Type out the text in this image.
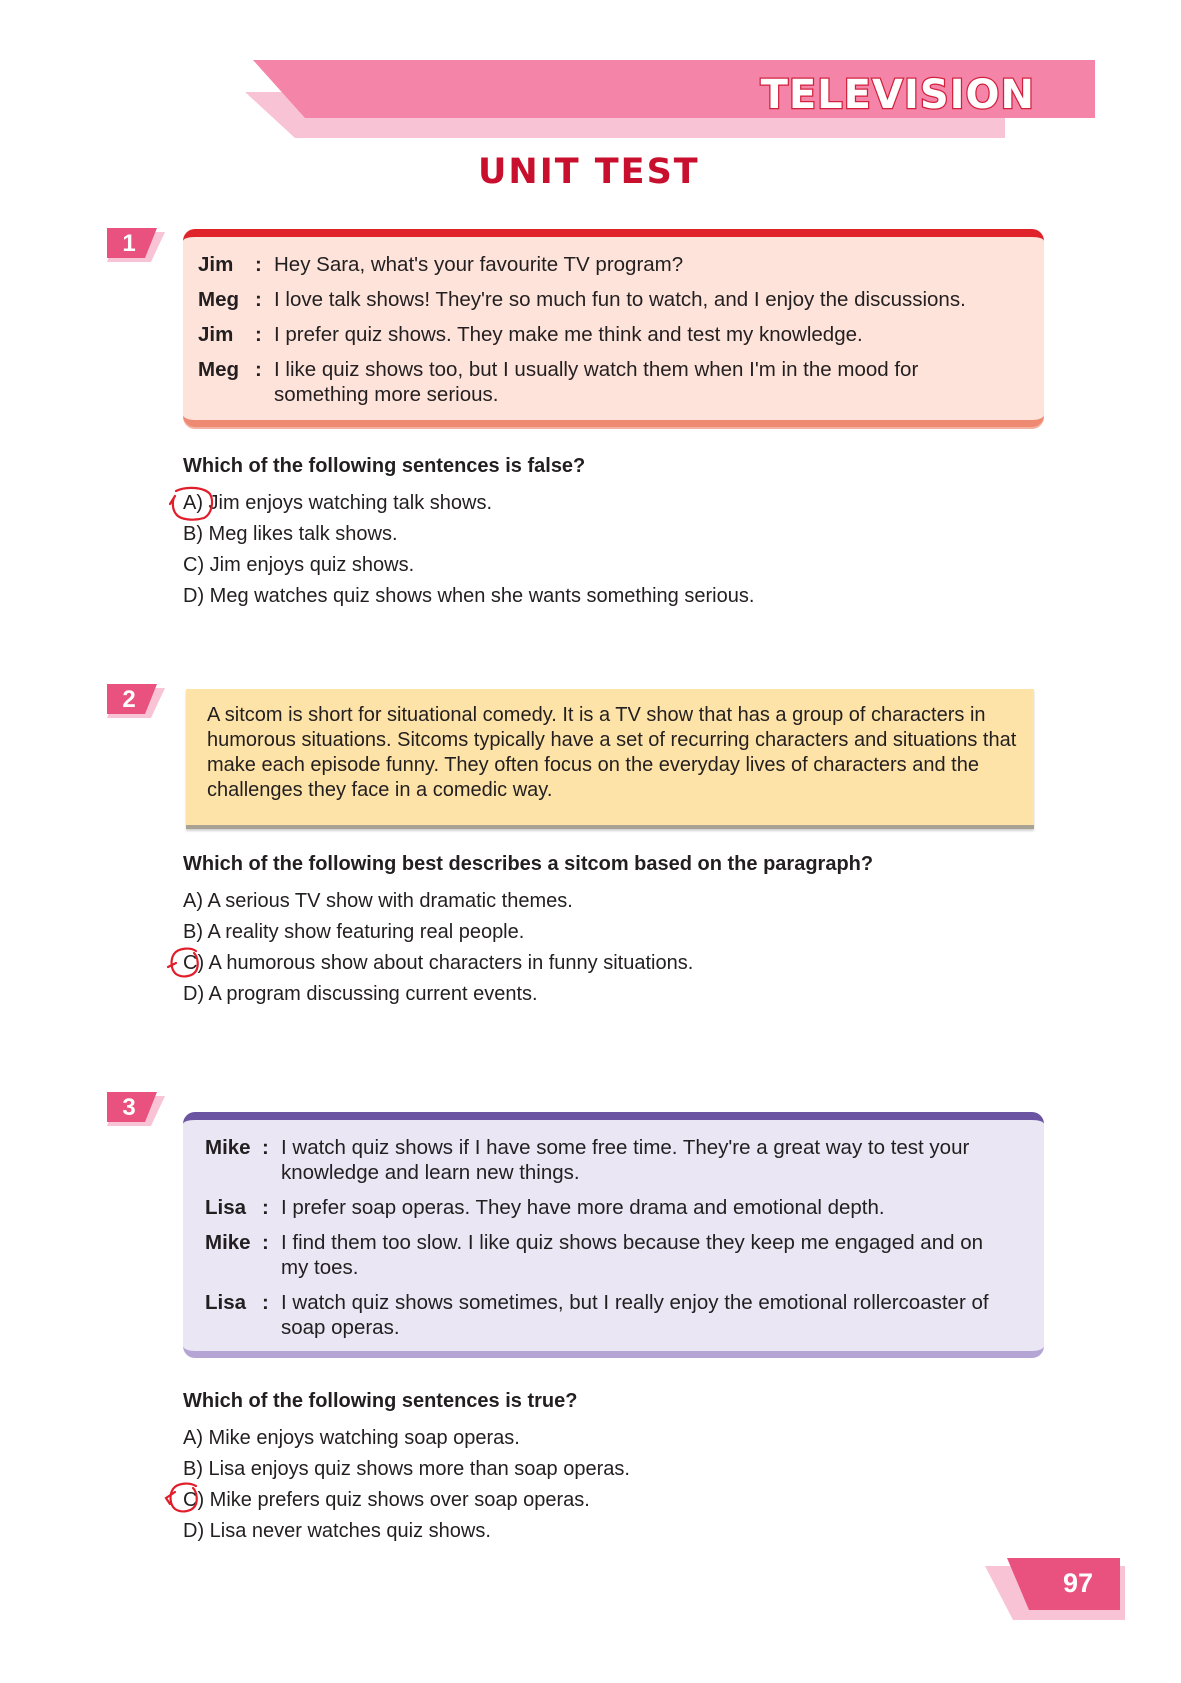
TELEVISION
UNIT TEST
1
Jim : Hey Sara, what's your favourite TV program?
Meg : I love talk shows! They're so much fun to watch, and I enjoy the discussions.
Jim : I prefer quiz shows. They make me think and test my knowledge.
Meg : I like quiz shows too, but I usually watch them when I'm in the mood for
something more serious.
Which of the following sentences is false?
A) Jim enjoys watching talk shows.
B) Meg likes talk shows.
C) Jim enjoys quiz shows.
D) Meg watches quiz shows when she wants something serious.
2
A sitcom is short for situational comedy. It is a TV show that has a group of characters in humorous situations. Sitcoms typically have a set of recurring characters and situations that make each episode funny. They often focus on the everyday lives of characters and the challenges they face in a comedic way.
Which of the following best describes a sitcom based on the paragraph?
A) A serious TV show with dramatic themes.
B) A reality show featuring real people.
C) A humorous show about characters in funny situations.
D) A program discussing current events.
3
Mike : I watch quiz shows if I have some free time. They're a great way to test your
knowledge and learn new things.
Lisa : I prefer soap operas. They have more drama and emotional depth.
Mike : I find them too slow. I like quiz shows because they keep me engaged and on
my toes.
Lisa : I watch quiz shows sometimes, but I really enjoy the emotional rollercoaster of
soap operas.
Which of the following sentences is true?
A) Mike enjoys watching soap operas.
B) Lisa enjoys quiz shows more than soap operas.
C) Mike prefers quiz shows over soap operas.
D) Lisa never watches quiz shows.
97
